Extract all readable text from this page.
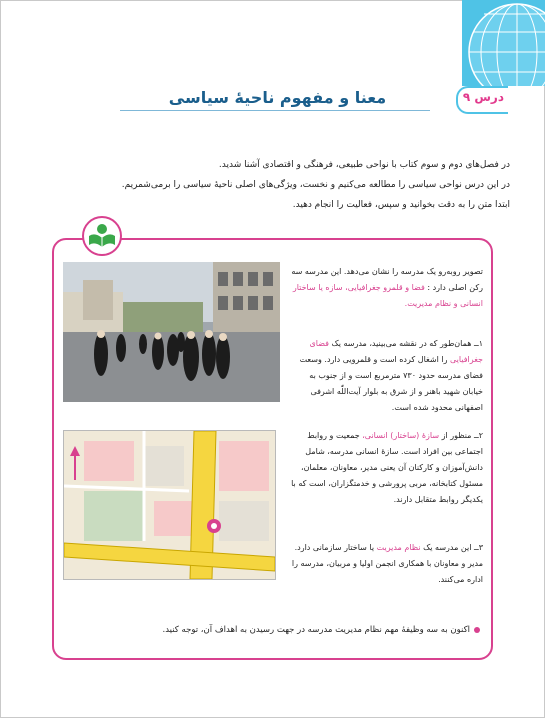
درس ۹
معنا و مفهوم ناحیۀ سیاسی

در فصل‌های دوم و سوم کتاب با نواحی طبیعی، فرهنگی و اقتصادی آشنا شدید.

در این درس نواحی سیاسی را مطالعه می‌کنیم و نخست، ویژگی‌های اصلی ناحیۀ سیاسی را برمی‌شمریم.

ابتدا متن را به دقت بخوانید و سپس، فعالیت را انجام دهید.

تصویر روبه‌رو یک مدرسه را نشان می‌دهد. این مدرسه سه رکن اصلی دارد : فضا و قلمرو جغرافیایی، سازه یا ساختار انسانی و نظام مدیریت.
۱ــ همان‌طور که در نقشه می‌بینید، مدرسه یک فضای جغرافیایی را اشغال کرده است و قلمرویی دارد. وسعت فضای مدرسه حدود ۷۳۰ مترمربع است و از جنوب به خیابان شهید باهنر و از شرق به بلوار آیت‌اللّٰه اشرفی اصفهانی محدود شده است.
۲ــ منظور از سازۀ (ساختار) انسانی، جمعیت و روابط اجتماعی بین افراد است. سازۀ انسانی مدرسه، شامل دانش‌آموزان و کارکنان آن یعنی مدیر، معاونان، معلمان، مسئول کتابخانه، مربی پرورشی و خدمتگزاران، است که با یکدیگر روابط متقابل دارند.
۳ــ این مدرسه یک نظام مدیریت یا ساختار سازمانی دارد. مدیر و معاونان با همکاری انجمن اولیا و مربیان، مدرسه را اداره می‌کنند.
اکنون به سه وظیفۀ مهم نظام مدیریت مدرسه در جهت رسیدن به اهداف آن، توجه کنید.
